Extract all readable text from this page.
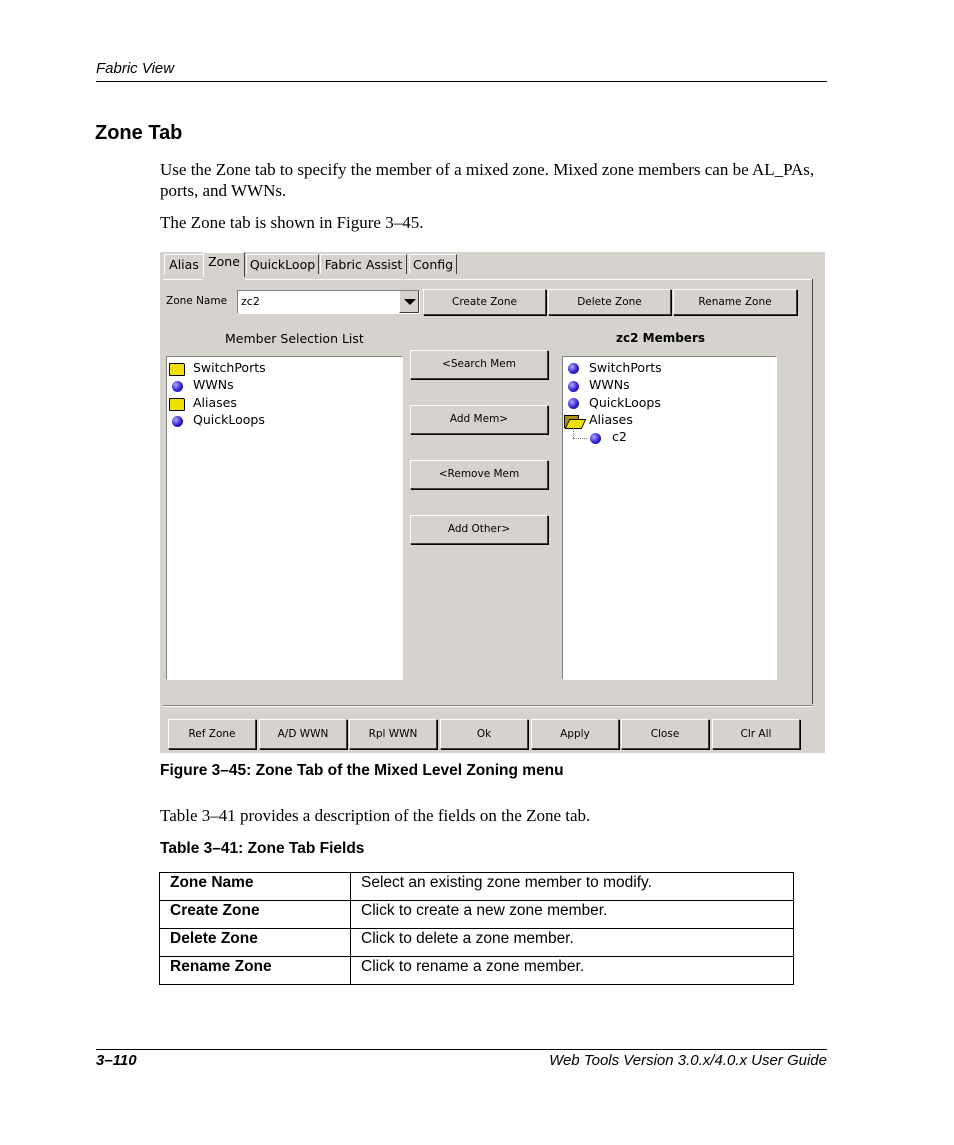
Fabric View
Zone Tab
Use the Zone tab to specify the member of a mixed zone. Mixed zone members can be AL_PAs, ports, and WWNs.
The Zone tab is shown in Figure 3–45.
Alias Zone QuickLoop Fabric Assist Config
Zone Name zc2	Create Zone	Delete Zone	Rename Zone
Member Selection List	zc2 Members
SwitchPorts
WWNs
Aliases
QuickLoops
<Search Mem
Add Mem>
<Remove Mem
Add Other>
SwitchPorts
WWNs
QuickLoops
Aliases
c2
Ref Zone	A/D WWN	Rpl WWN	Ok	Apply	Close	Clr All
Figure 3–45: Zone Tab of the Mixed Level Zoning menu
Table 3–41 provides a description of the fields on the Zone tab.
Table 3–41: Zone Tab Fields
Zone Name	Select an existing zone member to modify.
Create Zone	Click to create a new zone member.
Delete Zone	Click to delete a zone member.
Rename Zone	Click to rename a zone member.
3–110	Web Tools Version 3.0.x/4.0.x User Guide
